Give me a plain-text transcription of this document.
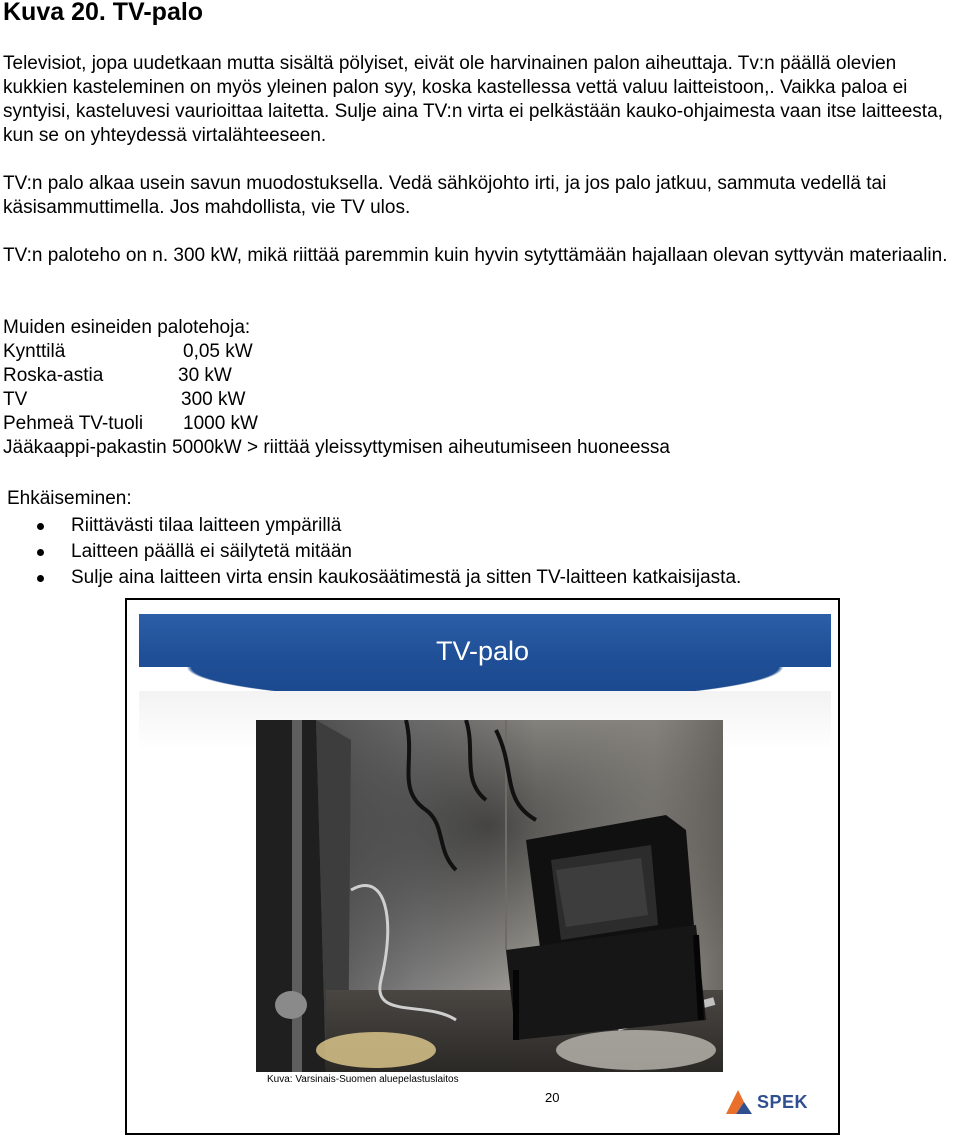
Kuva 20. TV-palo

Televisiot, jopa uudetkaan mutta sisältä pölyiset, eivät ole harvinainen palon aiheuttaja. Tv:n päällä olevien kukkien kasteleminen on myös yleinen palon syy, koska kastellessa vettä valuu laitteistoon,. Vaikka paloa ei syntyisi, kasteluvesi vaurioittaa laitetta. Sulje aina TV:n virta ei pelkästään kauko-ohjaimesta vaan itse laitteesta, kun se on yhteydessä virtalähteeseen.

TV:n palo alkaa usein savun muodostuksella. Vedä sähköjohto irti, ja jos palo jatkuu, sammuta vedellä tai käsisammuttimella. Jos mahdollista, vie TV ulos.

TV:n paloteho on n. 300 kW, mikä riittää paremmin kuin hyvin sytyttämään hajallaan olevan syttyvän materiaalin.

Muiden esineiden palotehoja:
Kynttilä	0,05 kW
Roska-astia	30 kW
TV	300 kW
Pehmeä TV-tuoli	1000 kW
Jääkaappi-pakastin 5000kW > riittää yleissyttymisen aiheutumiseen huoneessa

Ehkäiseminen:

Riittävästi tilaa laitteen ympärillä
Laitteen päällä ei säilytetä mitään
Sulje aina laitteen virta ensin kaukosäätimestä ja sitten TV-laitteen katkaisijasta.
TV-palo
Kuva: Varsinais-Suomen aluepelastuslaitos
20	SPEK
